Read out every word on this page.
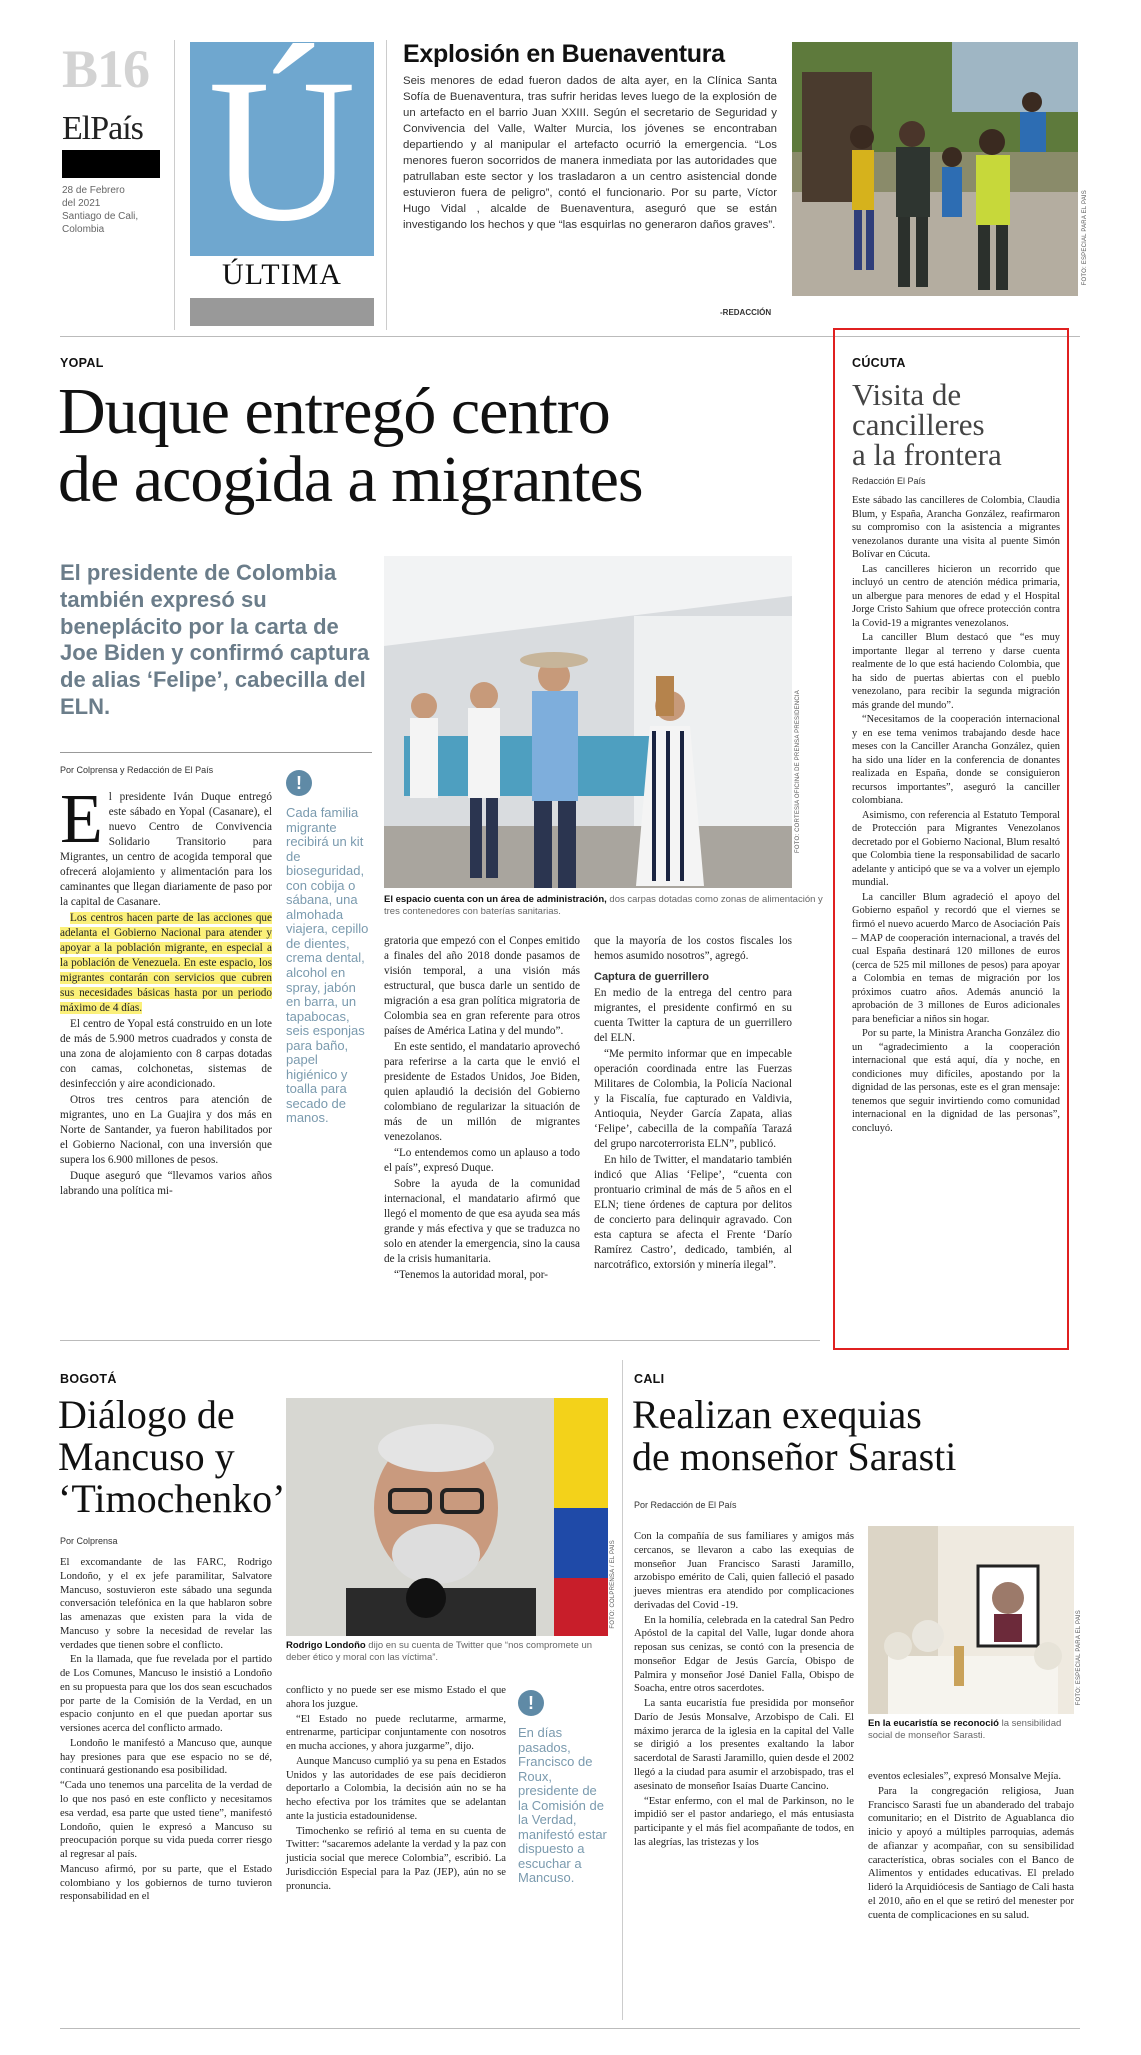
B16
ElPaís
28 de Febrero
del 2021
Santiago de Cali,
Colombia Ú
ÚLTIMA
Explosión en Buenaventura
Seis menores de edad fueron dados de alta ayer, en la Clínica Santa Sofía de Buenaventura, tras sufrir heridas leves luego de la explosión de un artefacto en el barrio Juan XXIII. Según el secretario de Seguridad y Convivencia del Valle, Walter Murcia, los jóvenes se encontraban departiendo y al manipular el artefacto ocurrió la emergencia. “Los menores fueron socorridos de manera inmediata por las autoridades que patrullaban este sector y los trasladaron a un centro asistencial donde estuvieron fuera de peligro”, contó el funcionario. Por su parte, Víctor Hugo Vidal , alcalde de Buenaventura, aseguró que se están investigando los hechos y que “las esquirlas no generaron daños graves”.
-REDACCIÓN
FOTO: ESPECIAL PARA EL PAÍS
YOPAL
Duque entregó centro
de acogida a migrantes
El presidente de Colombia también expresó su beneplácito por la carta de Joe Biden y confirmó captura de alias ‘Felipe’, cabecilla del ELN.
Por Colprensa y Redacción de El País	FOTO: CORTESÍA OFICINA DE PRENSA PRESIDENCIA
El espacio cuenta con un área de administración, dos carpas dotadas como zonas de alimentación y tres contenedores con baterías sanitarias.

El presidente Iván Duque entregó este sábado en Yopal (Casanare), el nuevo Centro de Convivencia Solidario Transitorio para Migrantes, un centro de acogida temporal que ofrecerá alojamiento y alimentación para los caminantes que llegan diariamente de paso por la capital de Casanare.

Los centros hacen parte de las acciones que adelanta el Gobierno Nacional para atender y apoyar a la población migrante, en especial a la población de Venezuela. En este espacio, los migrantes contarán con servicios que cubren sus necesidades básicas hasta por un periodo máximo de 4 días.

El centro de Yopal está construido en un lote de más de 5.900 metros cuadrados y consta de una zona de alojamiento con 8 carpas dotadas con camas, colchonetas, sistemas de desinfección y aire acondicionado.

Otros tres centros para atención de migrantes, uno en La Guajira y dos más en Norte de Santander, ya fueron habilitados por el Gobierno Nacional, con una inversión que supera los 6.900 millones de pesos.

Duque aseguró que “llevamos varios años labrando una política mi-

!
Cada familia migrante recibirá un kit de bioseguridad, con cobija o sábana, una almohada viajera, cepillo de dientes, crema dental, alcohol en spray, jabón en barra, un tapabocas, seis esponjas para baño, papel higiénico y toalla para secado de manos.

gratoria que empezó con el Conpes emitido a finales del año 2018 donde pasamos de visión temporal, a una visión más estructural, que busca darle un sentido de migración a esa gran política migratoria de Colombia sea en gran referente para otros países de América Latina y del mundo”.

En este sentido, el mandatario aprovechó para referirse a la carta que le envió el presidente de Estados Unidos, Joe Biden, quien aplaudió la decisión del Gobierno colombiano de regularizar la situación de más de un millón de migrantes venezolanos.

“Lo entendemos como un aplauso a todo el país”, expresó Duque.

Sobre la ayuda de la comunidad internacional, el mandatario afirmó que llegó el momento de que esa ayuda sea más grande y más efectiva y que se traduzca no solo en atender la emergencia, sino la causa de la crisis humanitaria.

“Tenemos la autoridad moral, por-

que la mayoría de los costos fiscales los hemos asumido nosotros”, agregó.

Captura de guerrillero

En medio de la entrega del centro para migrantes, el presidente confirmó en su cuenta Twitter la captura de un guerrillero del ELN.

“Me permito informar que en impecable operación coordinada entre las Fuerzas Militares de Colombia, la Policía Nacional y la Fiscalía, fue capturado en Valdivia, Antioquia, Neyder García Zapata, alias ‘Felipe’, cabecilla de la compañía Tarazá del grupo narcoterrorista ELN”, publicó.

En hilo de Twitter, el mandatario también indicó que Alias ‘Felipe’, “cuenta con prontuario criminal de más de 5 años en el ELN; tiene órdenes de captura por delitos de concierto para delinquir agravado. Con esta captura se afecta el Frente ‘Darío Ramírez Castro’, dedicado, también, al narcotráfico, extorsión y minería ilegal”.

CÚCUTA
Visita de
cancilleres
a la frontera
Redacción El País

Este sábado las cancilleres de Colombia, Claudia Blum, y España, Arancha González, reafirmaron su compromiso con la asistencia a migrantes venezolanos durante una visita al puente Simón Bolívar en Cúcuta.

Las cancilleres hicieron un recorrido que incluyó un centro de atención médica primaria, un albergue para menores de edad y el Hospital Jorge Cristo Sahium que ofrece protección contra la Covid-19 a migrantes venezolanos.

La canciller Blum destacó que “es muy importante llegar al terreno y darse cuenta realmente de lo que está haciendo Colombia, que ha sido de puertas abiertas con el pueblo venezolano, para recibir la segunda migración más grande del mundo”.

“Necesitamos de la cooperación internacional y en ese tema venimos trabajando desde hace meses con la Canciller Arancha González, quien ha sido una líder en la conferencia de donantes realizada en España, donde se consiguieron recursos importantes”, aseguró la canciller colombiana.

Asimismo, con referencia al Estatuto Temporal de Protección para Migrantes Venezolanos decretado por el Gobierno Nacional, Blum resaltó que Colombia tiene la responsabilidad de sacarlo adelante y anticipó que se va a volver un ejemplo mundial.

La canciller Blum agradeció el apoyo del Gobierno español y recordó que el viernes se firmó el nuevo acuerdo Marco de Asociación País – MAP de cooperación internacional, a través del cual España destinará 120 millones de euros (cerca de 525 mil millones de pesos) para apoyar a Colombia en temas de migración por los próximos cuatro años. Además anunció la aprobación de 3 millones de Euros adicionales para beneficiar a niños sin hogar.

Por su parte, la Ministra Arancha González dio un “agradecimiento a la cooperación internacional que está aquí, día y noche, en condiciones muy difíciles, apostando por la dignidad de las personas, este es el gran mensaje: tenemos que seguir invirtiendo como comunidad internacional en la dignidad de las personas”, concluyó.

BOGOTÁ
Diálogo de
Mancuso y
‘Timochenko’
Por Colprensa	FOTO: COLPRENSA / EL PAÍS
Rodrigo Londoño dijo en su cuenta de Twitter que “nos compromete un deber ético y moral con las víctima”.

El excomandante de las FARC, Rodrigo Londoño, y el ex jefe paramilitar, Salvatore Mancuso, sostuvieron este sábado una segunda conversación telefónica en la que hablaron sobre las amenazas que existen para la vida de Mancuso y sobre la necesidad de revelar las verdades que tienen sobre el conflicto.

En la llamada, que fue revelada por el partido de Los Comunes, Mancuso le insistió a Londoño en su propuesta para que los dos sean escuchados por parte de la Comisión de la Verdad, en un espacio conjunto en el que puedan aportar sus versiones acerca del conflicto armado.

Londoño le manifestó a Mancuso que, aunque hay presiones para que ese espacio no se dé, continuará gestionando esa posibilidad.

“Cada uno tenemos una parcelita de la verdad de lo que nos pasó en este conflicto y necesitamos esa verdad, esa parte que usted tiene”, manifestó Londoño, quien le expresó a Mancuso su preocupación porque su vida pueda correr riesgo al regresar al país.

Mancuso afirmó, por su parte, que el Estado colombiano y los gobiernos de turno tuvieron responsabilidad en el

conflicto y no puede ser ese mismo Estado el que ahora los juzgue.

“El Estado no puede reclutarme, armarme, entrenarme, participar conjuntamente con nosotros en mucha acciones, y ahora juzgarme”, dijo.

Aunque Mancuso cumplió ya su pena en Estados Unidos y las autoridades de ese país decidieron deportarlo a Colombia, la decisión aún no se ha hecho efectiva por los trámites que se adelantan ante la justicia estadounidense.

Timochenko se refirió al tema en su cuenta de Twitter: “sacaremos adelante la verdad y la paz con justicia social que merece Colombia”, escribió. La Jurisdicción Especial para la Paz (JEP), aún no se pronuncia.

!
En días pasados, Francisco de Roux, presidente de la Comisión de la Verdad, manifestó estar dispuesto a escuchar a Mancuso.
CALI
Realizan exequias
de monseñor Sarasti
Por Redacción de El País

Con la compañía de sus familiares y amigos más cercanos, se llevaron a cabo las exequias de monseñor Juan Francisco Sarasti Jaramillo, arzobispo emérito de Cali, quien falleció el pasado jueves mientras era atendido por complicaciones derivadas del Covid -19.

En la homilía, celebrada en la catedral San Pedro Apóstol de la capital del Valle, lugar donde ahora reposan sus cenizas, se contó con la presencia de monseñor Edgar de Jesús García, Obispo de Palmira y monseñor José Daniel Falla, Obispo de Soacha, entre otros sacerdotes.

La santa eucaristía fue presidida por monseñor Darío de Jesús Monsalve, Arzobispo de Cali. El máximo jerarca de la iglesia en la capital del Valle se dirigió a los presentes exaltando la labor sacerdotal de Sarasti Jaramillo, quien desde el 2002 llegó a la ciudad para asumir el arzobispado, tras el asesinato de monseñor Isaías Duarte Cancino.

“Estar enfermo, con el mal de Parkinson, no le impidió ser el pastor andariego, el más entusiasta participante y el más fiel acompañante de todos, en las alegrías, las tristezas y los

FOTO: ESPECIAL PARA EL PAÍS
En la eucaristía se reconoció la sensibilidad social de monseñor Sarasti.

eventos eclesiales”, expresó Monsalve Mejía.

Para la congregación religiosa, Juan Francisco Sarasti fue un abanderado del trabajo comunitario; en el Distrito de Aguablanca dio inicio y apoyó a múltiples parroquias, además de afianzar y acompañar, con su sensibilidad característica, obras sociales con el Banco de Alimentos y entidades educativas. El prelado lideró la Arquidiócesis de Santiago de Cali hasta el 2010, año en el que se retiró del menester por cuenta de complicaciones en su salud.
